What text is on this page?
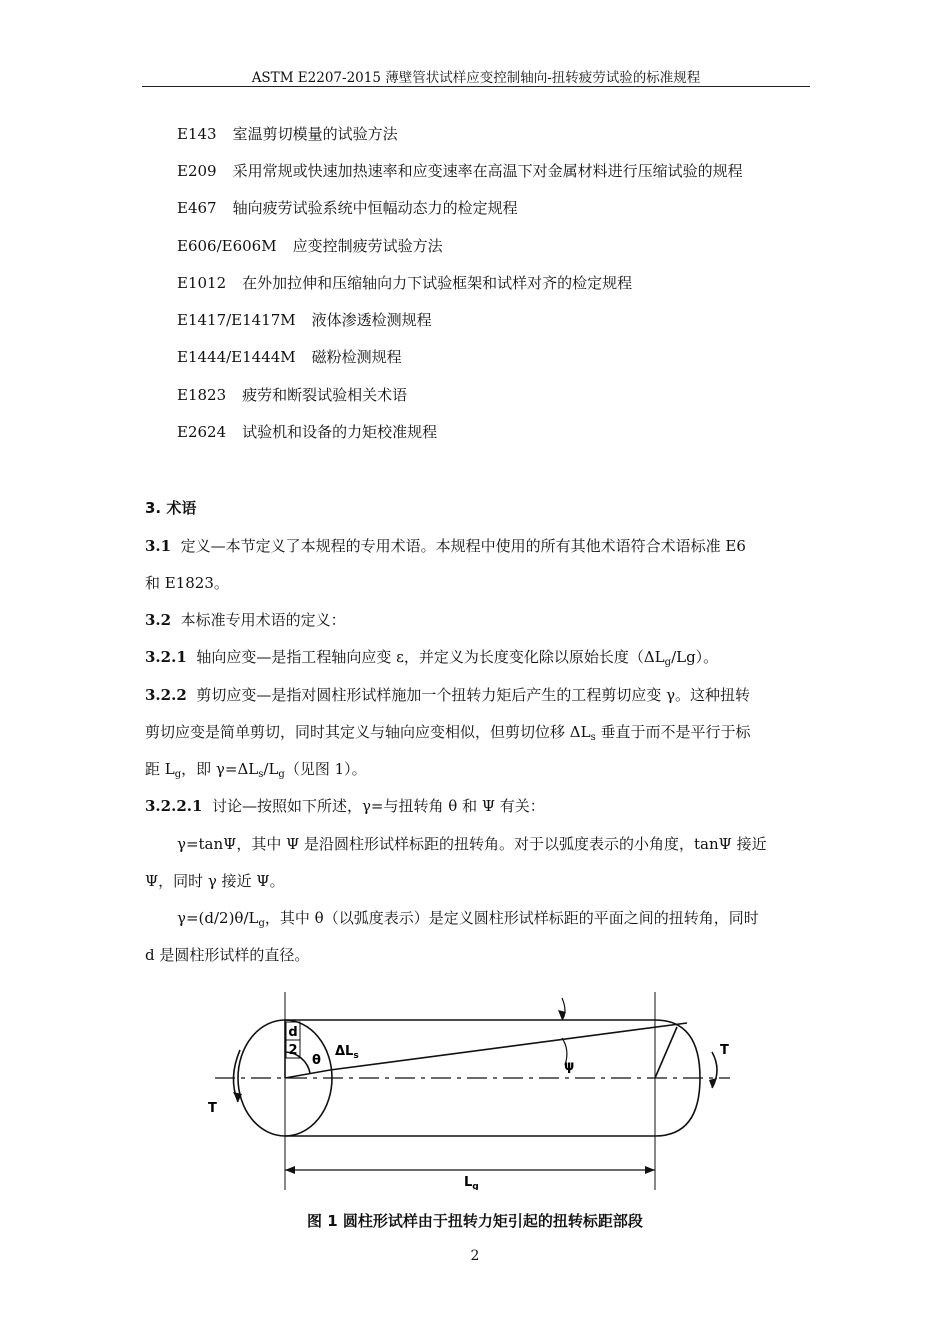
ASTM E2207-2015 薄壁管状试样应变控制轴向-扭转疲劳试验的标准规程
E143 室温剪切模量的试验方法
E209 采用常规或快速加热速率和应变速率在高温下对金属材料进行压缩试验的规程
E467 轴向疲劳试验系统中恒幅动态力的检定规程
E606/E606M 应变控制疲劳试验方法
E1012 在外加拉伸和压缩轴向力下试验框架和试样对齐的检定规程
E1417/E1417M 液体渗透检测规程
E1444/E1444M 磁粉检测规程
E1823 疲劳和断裂试验相关术语
E2624 试验机和设备的力矩校准规程
3. 术语
3.1 定义—本节定义了本规程的专用术语。本规程中使用的所有其他术语符合术语标准 E6
和 E1823。
3.2 本标准专用术语的定义：
3.2.1 轴向应变—是指工程轴向应变 ε，并定义为长度变化除以原始长度$(\Delta L_g/Lg)$。
3.2.2 剪切应变—是指对圆柱形试样施加一个扭转力矩后产生的工程剪切应变 γ。这种扭转
剪切应变是简单剪切，同时其定义与轴向应变相似，但剪切位移 $\Delta L_s$ 垂直于而不是平行于标
距 $L_g$，即 $\gamma=\Delta L_s/L_g$（见图 1）。
3.2.2.1 讨论—按照如下所述，γ=与扭转角 θ 和 Ψ 有关：
γ=tanΨ，其中 Ψ 是沿圆柱形试样标距的扭转角。对于以弧度表示的小角度，tanΨ 接近
Ψ，同时 γ 接近 Ψ。
$\gamma=(d/2)\theta/L_g$，其中 θ（以弧度表示）是定义圆柱形试样标距的平面之间的扭转角，同时
d 是圆柱形试样的直径。
d
2
θ
$\Delta L_s$
ψ
T
T
$L_g$
图 1 圆柱形试样由于扭转力矩引起的扭转标距部段
2
